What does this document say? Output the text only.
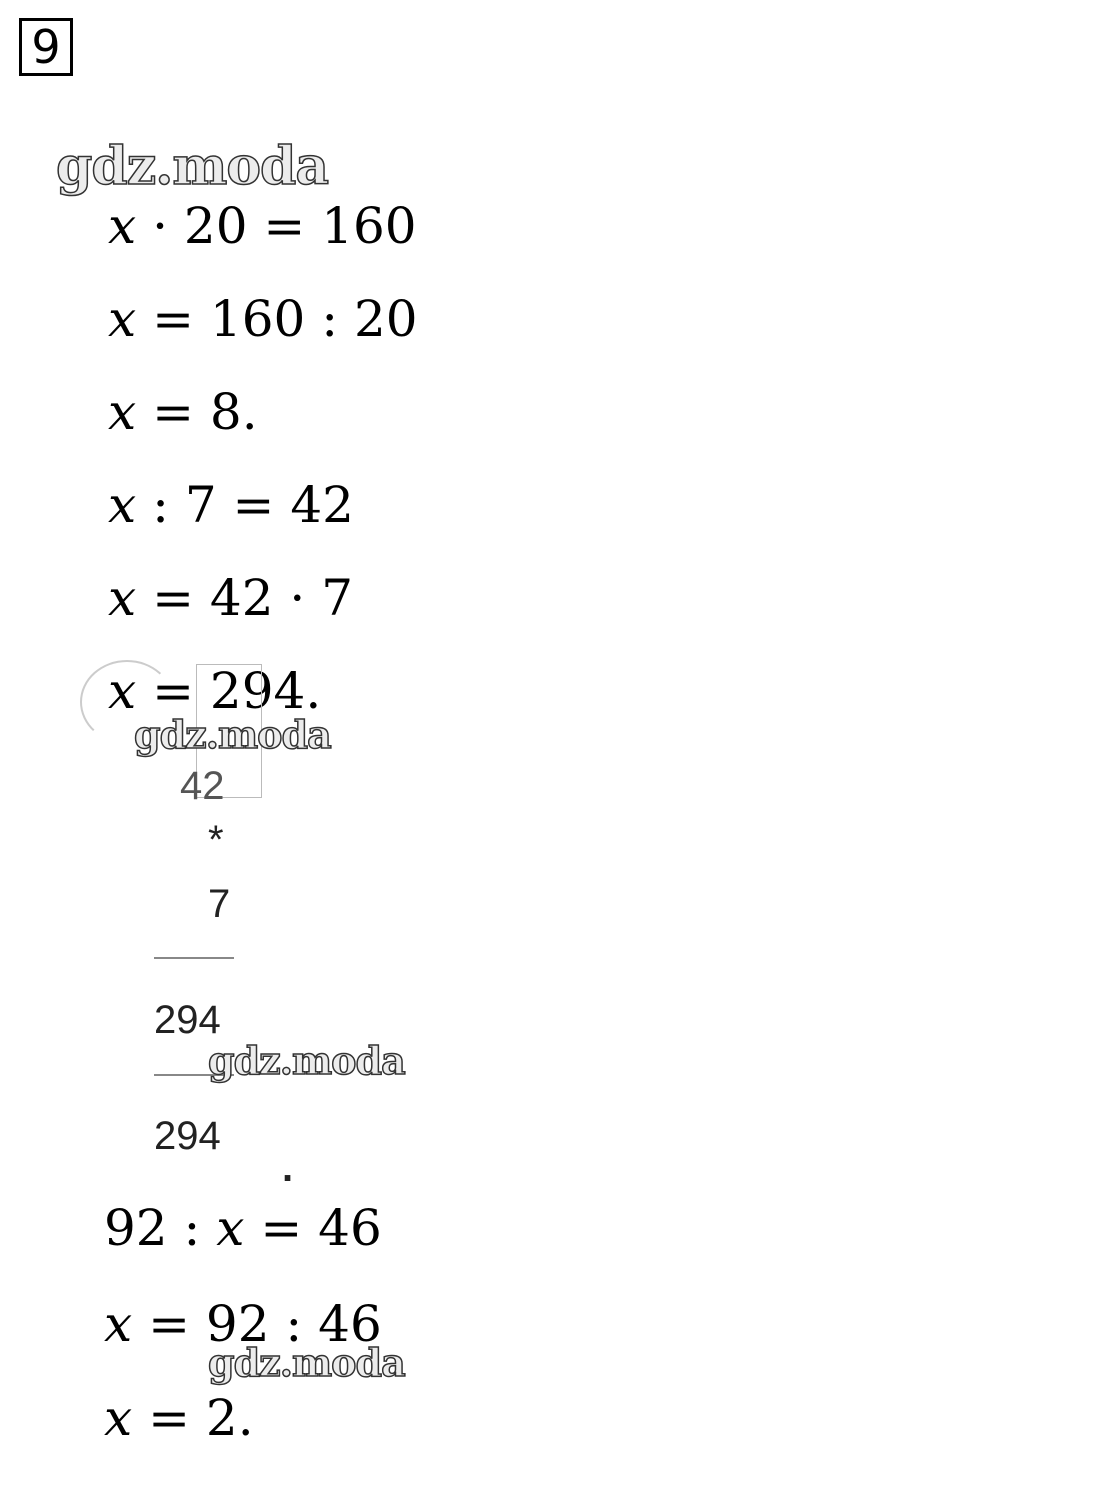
9
gdz.moda
x · 20 = 160
x = 160 : 20
x = 8.
x : 7 = 42
x = 42 · 7
x = 294.
gdz.moda
42
*
7
294
gdz.moda
294
.
92 : x = 46
x = 92 : 46
gdz.moda
x = 2.
